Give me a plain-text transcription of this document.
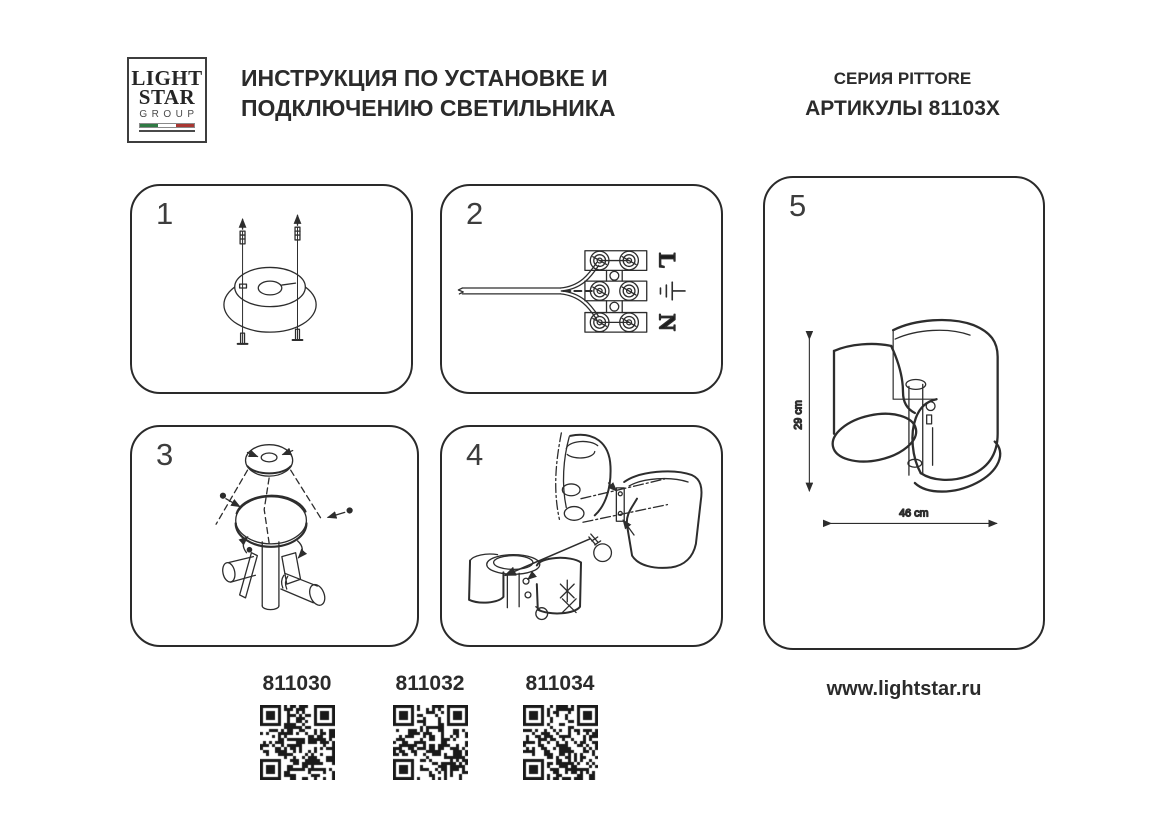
LIGHT
STAR
GROUP
ИНСТРУКЦИЯ ПО УСТАНОВКЕ И
ПОДКЛЮЧЕНИЮ СВЕТИЛЬНИКА
СЕРИЯ PITTORE
АРТИКУЛЫ 81103X
1
L
N
2
3	4
29 cm
46 cm
5
811030	811032	811034	www.lightstar.ru
